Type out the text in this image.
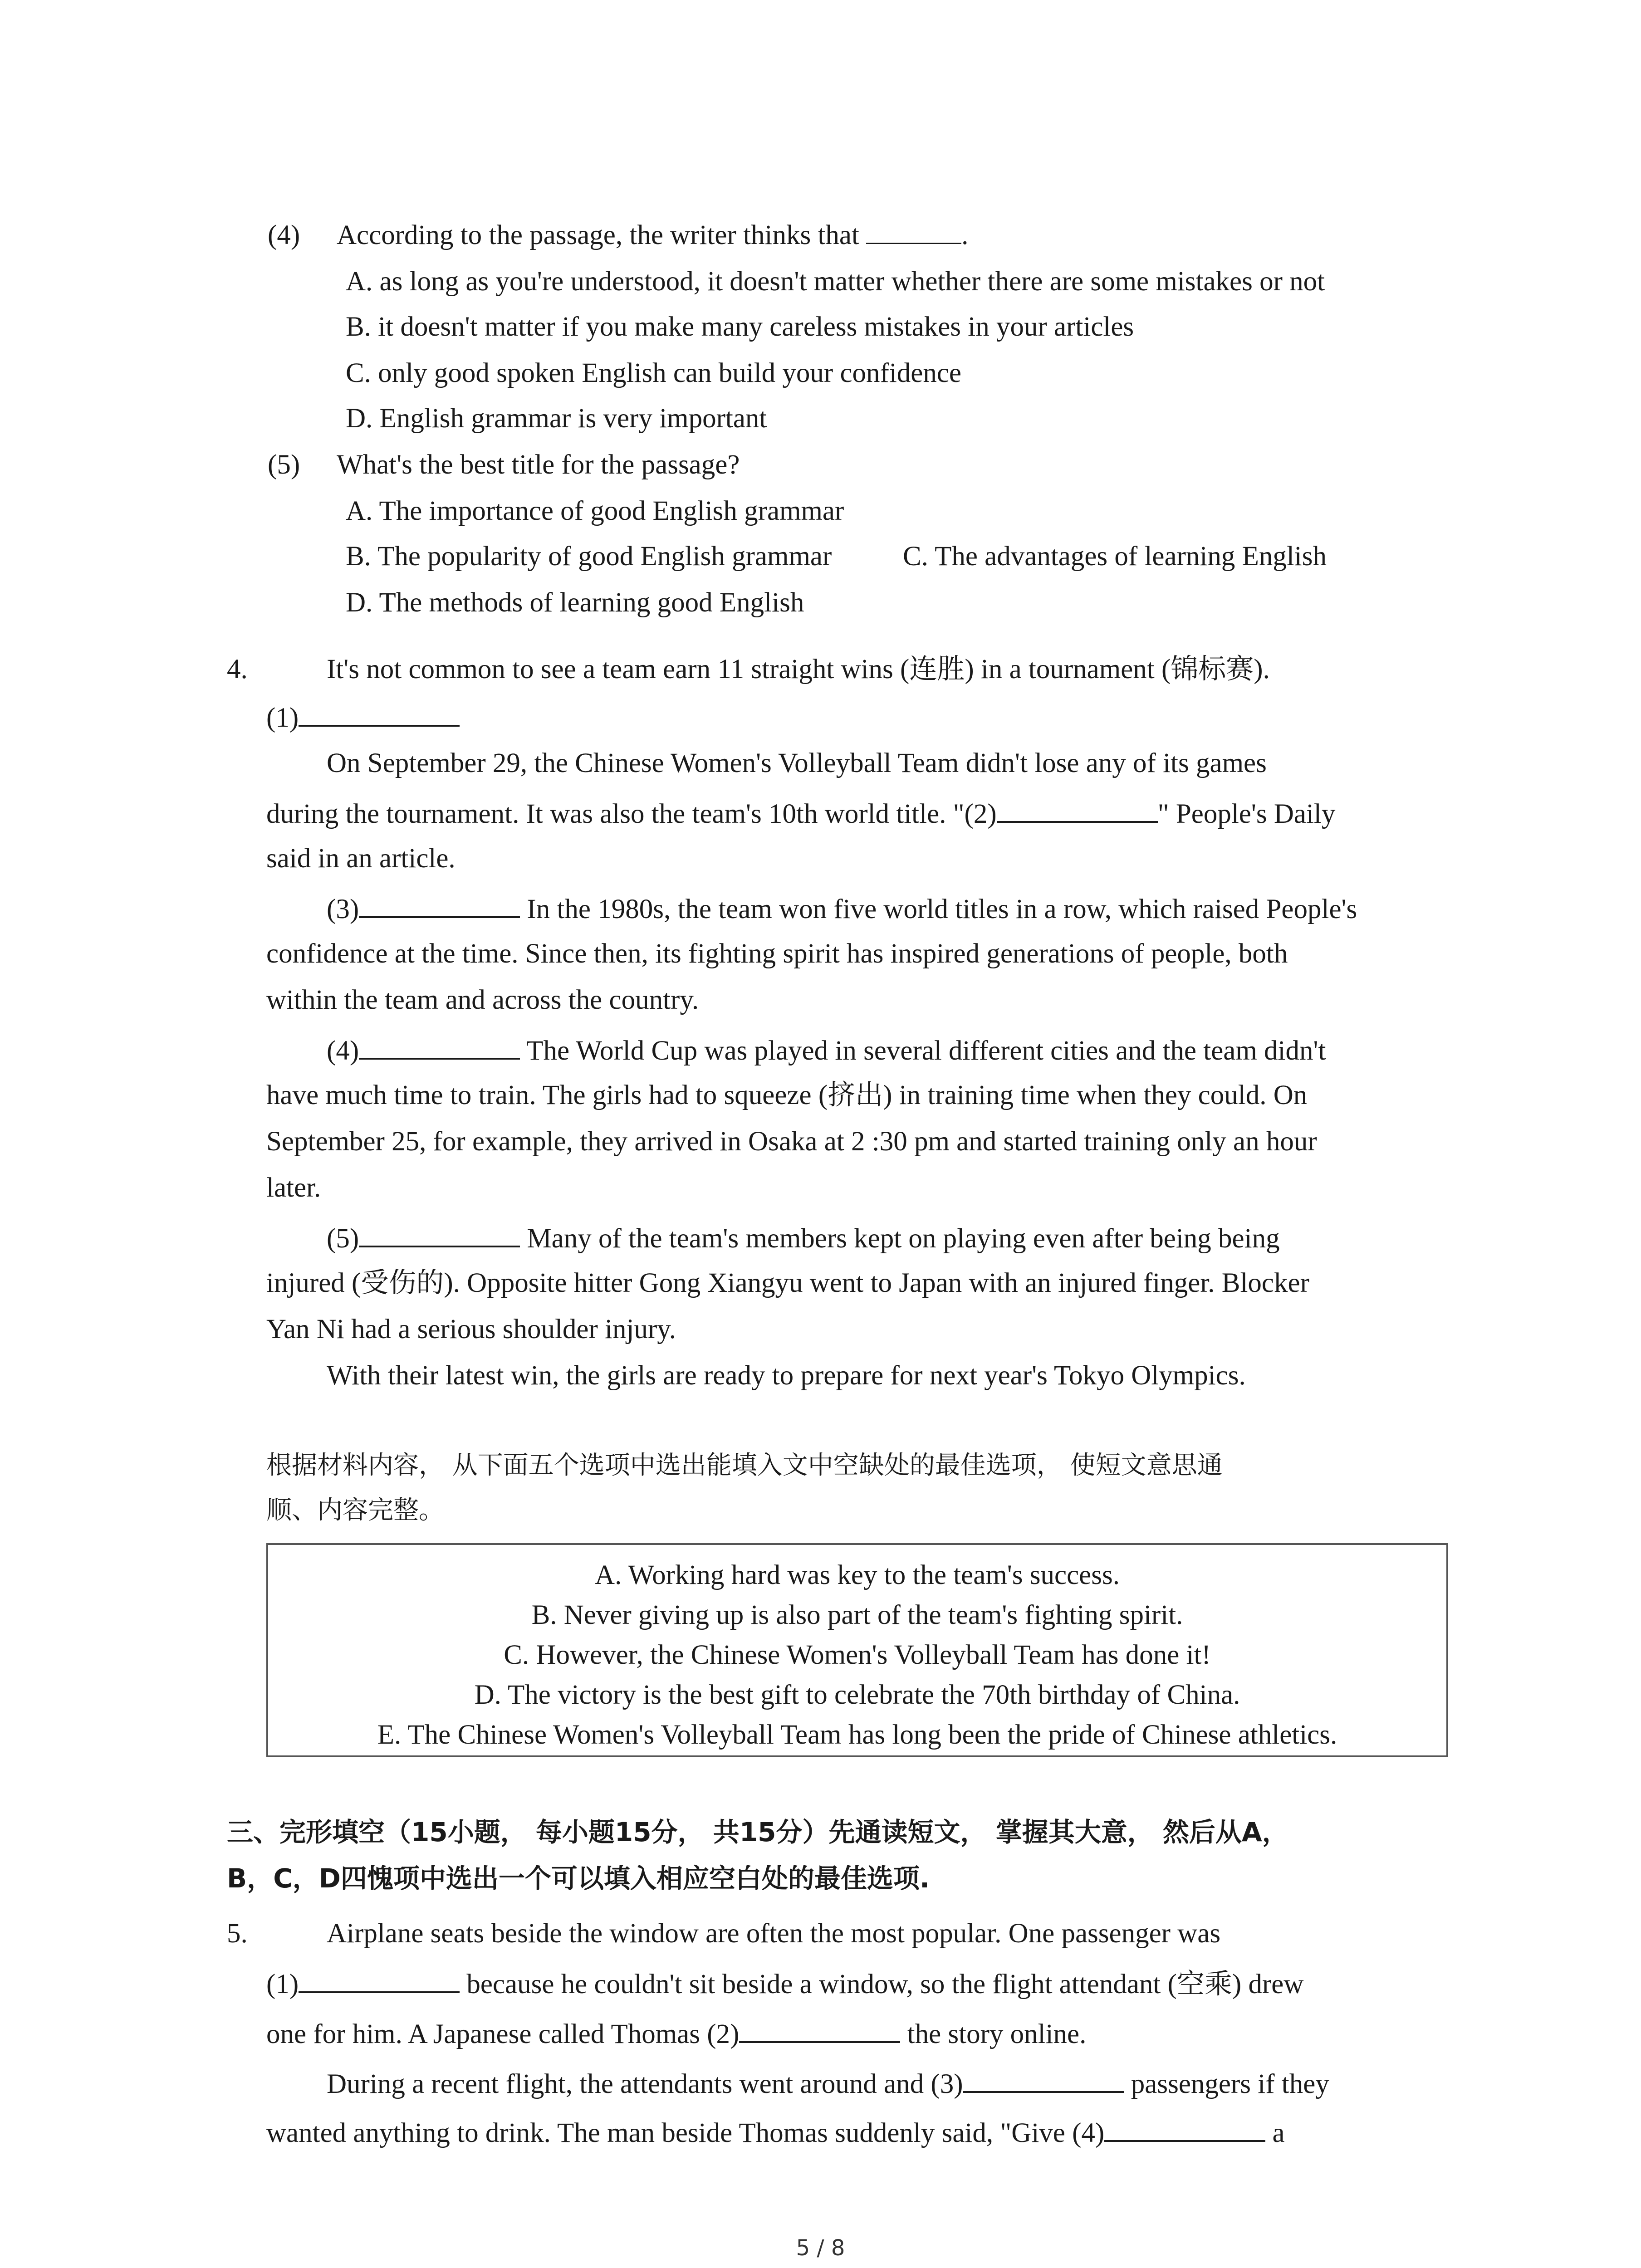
(4) According to the passage, the writer thinks that	.
A. as long as you're understood, it doesn't matter whether there are some mistakes or not
B. it doesn't matter if you make many careless mistakes in your articles
C. only good spoken English can build your confidence
D. English grammar is very important
(5) What's the best title for the passage?
A. The importance of good English grammar
B. The popularity of good English grammar	C. The advantages of learning English
D. The methods of learning good English
4.	It's not common to see a team earn 11 straight wins (连胜) in a tournament (锦标赛).
(1)
On September 29, the Chinese Women's Volleyball Team didn't lose any of its games
during the tournament. It was also the team's 10th world title. "(2)	" People's Daily
said in an article.
(3)	In the 1980s, the team won five world titles in a row, which raised People's
confidence at the time. Since then, its fighting spirit has inspired generations of people, both
within the team and across the country.
(4)	The World Cup was played in several different cities and the team didn't
have much time to train. The girls had to squeeze (挤出) in training time when they could. On
September 25, for example, they arrived in Osaka at 2 :30 pm and started training only an hour
later.
(5)	Many of the team's members kept on playing even after being being
injured (受伤的). Opposite hitter Gong Xiangyu went to Japan with an injured finger. Blocker
Yan Ni had a serious shoulder injury.
With their latest win, the girls are ready to prepare for next year's Tokyo Olympics.
根据材料内容， 从下面五个选项中选出能填入文中空缺处的最佳选项， 使短文意思通
顺、内容完整。
A. Working hard was key to the team's success.
B. Never giving up is also part of the team's fighting spirit.
C. However, the Chinese Women's Volleyball Team has done it!
D. The victory is the best gift to celebrate the 70th birthday of China.
E. The Chinese Women's Volleyball Team has long been the pride of Chinese athletics.
三、完形填空（15小题， 每小题15分， 共15分）先通读短文， 掌握其大意， 然后从A，
B，C，D四愧项中选出一个可以填入相应空白处的最佳选项.
5.	Airplane seats beside the window are often the most popular. One passenger was
(1)	because he couldn't sit beside a window, so the flight attendant (空乘) drew
one for him. A Japanese called Thomas (2)	the story online.
During a recent flight, the attendants went around and (3)	passengers if they
wanted anything to drink. The man beside Thomas suddenly said, "Give (4)	a
5 / 8
